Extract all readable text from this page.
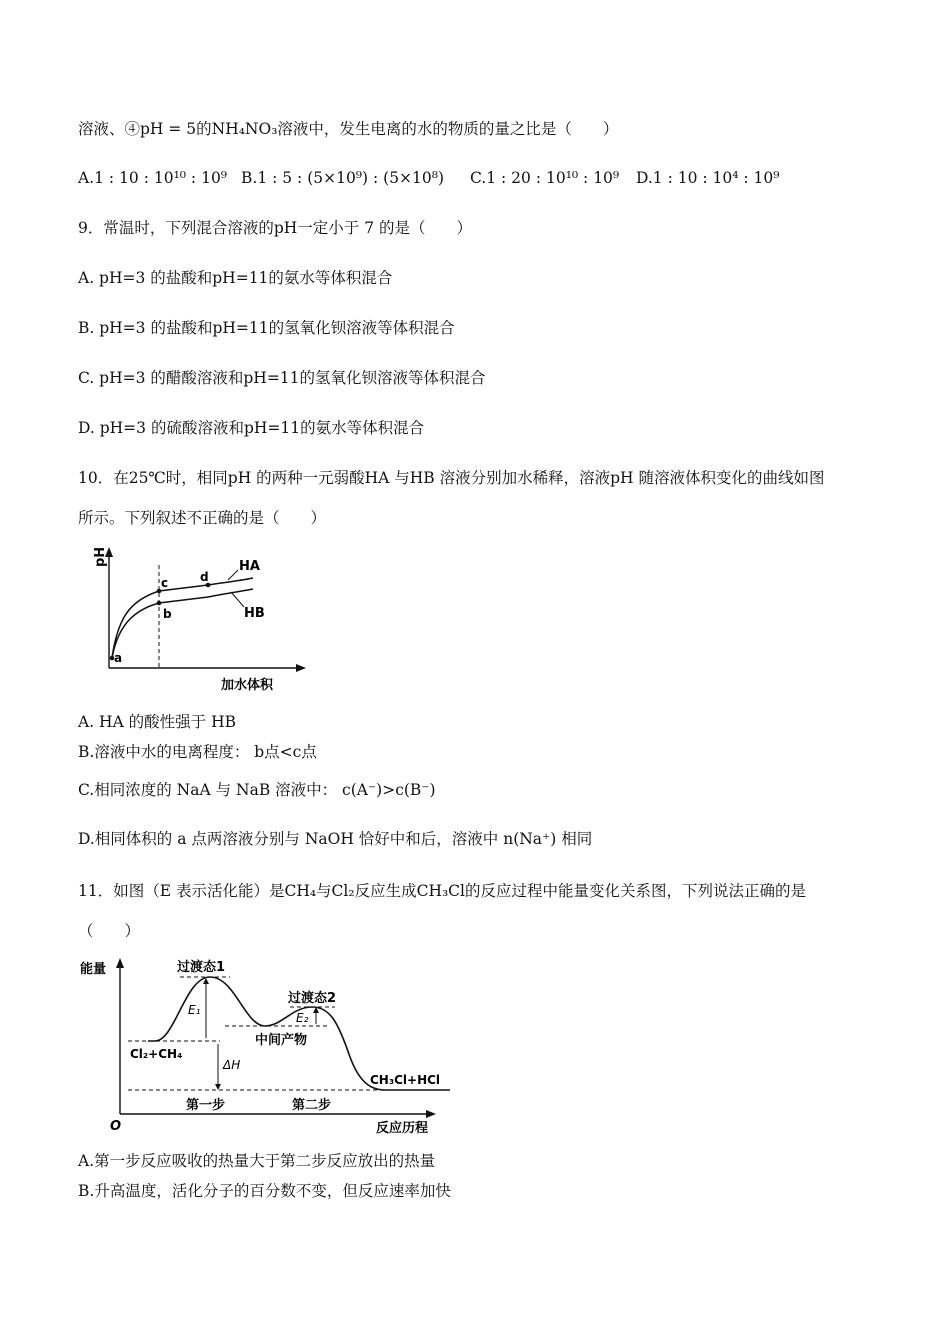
溶液、④pH = 5的NH₄NO₃溶液中，发生电离的水的物质的量之比是（　　）
A.1 : 10 : 10¹⁰ : 10⁹ B.1 : 5 : (5×10⁹) : (5×10⁸) C.1 : 20 : 10¹⁰ : 10⁹ D.1 : 10 : 10⁴ : 10⁹
9．常温时，下列混合溶液的pH一定小于 7 的是（　　）
A. pH=3 的盐酸和pH=11的氨水等体积混合
B. pH=3 的盐酸和pH=11的氢氧化钡溶液等体积混合
C. pH=3 的醋酸溶液和pH=11的氢氧化钡溶液等体积混合
D. pH=3 的硫酸溶液和pH=11的氨水等体积混合
10．在25℃时，相同pH 的两种一元弱酸HA 与HB 溶液分别加水稀释，溶液pH 随溶液体积变化的曲线如图
所示。下列叙述不正确的是（　　）
pH	HA
HB
a
b
c	d
加水体积
A. HA 的酸性强于 HB
B.溶液中水的电离程度： b点<c点
C.相同浓度的 NaA 与 NaB 溶液中： c(A⁻)>c(B⁻)
D.相同体积的 a 点两溶液分别与 NaOH 恰好中和后，溶液中 n(Na⁺) 相同
11．如图（E 表示活化能）是CH₄与Cl₂反应生成CH₃Cl的反应过程中能量变化关系图，下列说法正确的是
（　　）
能量
O	反应历程
E₁
E₂
ΔH
过渡态1
过渡态2
中间产物
Cl₂+CH₄
CH₃Cl+HCl
第一步	第二步
A.第一步反应吸收的热量大于第二步反应放出的热量
B.升高温度，活化分子的百分数不变，但反应速率加快
